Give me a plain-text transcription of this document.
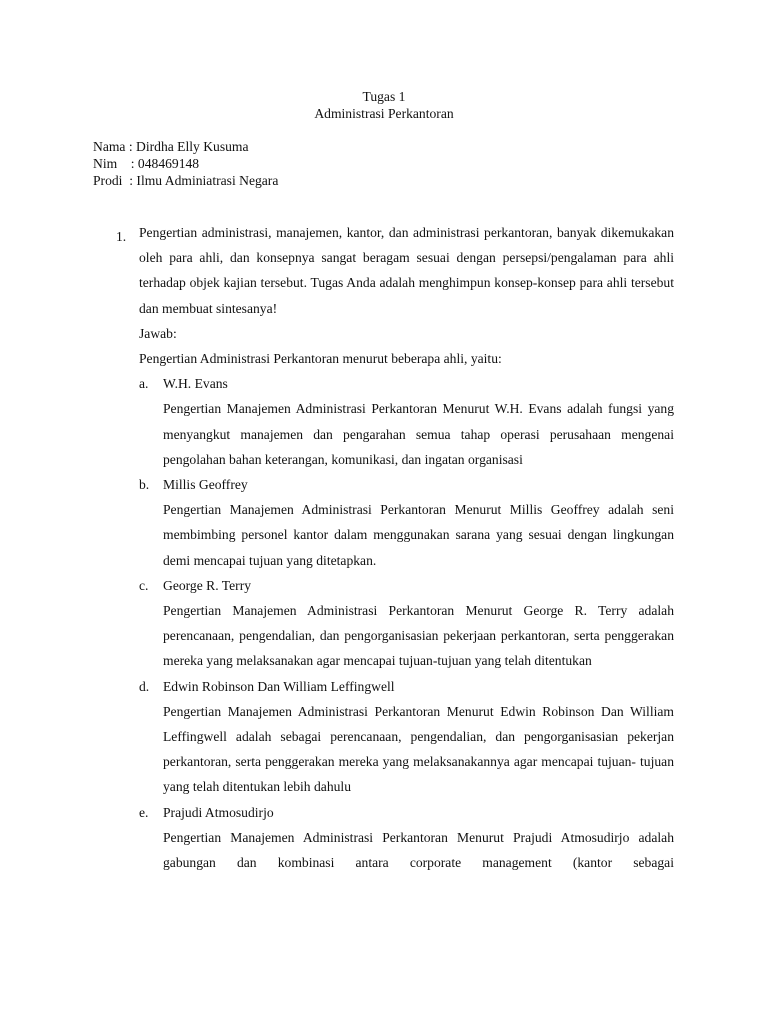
Tugas 1
Administrasi Perkantoran
Nama : Dirdha Elly Kusuma
Nim    : 048469148
Prodi  : Ilmu Adminiatrasi Negara
1. Pengertian administrasi, manajemen, kantor, dan administrasi perkantoran, banyak dikemukakan oleh para ahli, dan konsepnya sangat beragam sesuai dengan persepsi/pengalaman para ahli terhadap objek kajian tersebut. Tugas Anda adalah menghimpun konsep-konsep para ahli tersebut dan membuat sintesanya!

Jawab:

Pengertian Administrasi Perkantoran menurut beberapa ahli, yaitu:

a.	W.H. Evans
Pengertian Manajemen Administrasi Perkantoran Menurut W.H. Evans adalah fungsi yang menyangkut manajemen dan pengarahan semua tahap operasi perusahaan mengenai pengolahan bahan keterangan, komunikasi, dan ingatan organisasi
b.	Millis Geoffrey
Pengertian Manajemen Administrasi Perkantoran Menurut Millis Geoffrey adalah seni membimbing personel kantor dalam menggunakan sarana yang sesuai dengan lingkungan demi mencapai tujuan yang ditetapkan.
c.	George R. Terry
Pengertian Manajemen Administrasi Perkantoran Menurut George R. Terry adalah perencanaan, pengendalian, dan pengorganisasian pekerjaan perkantoran, serta penggerakan mereka yang melaksanakan agar mencapai tujuan-tujuan yang telah ditentukan
d.	Edwin Robinson Dan William Leffingwell
Pengertian Manajemen Administrasi Perkantoran Menurut Edwin Robinson Dan William Leffingwell adalah sebagai perencanaan, pengendalian, dan pengorganisasian pekerjan perkantoran, serta penggerakan mereka yang melaksanakannya agar mencapai tujuan- tujuan yang telah ditentukan lebih dahulu
e.	Prajudi Atmosudirjo
Pengertian Manajemen Administrasi Perkantoran Menurut Prajudi Atmosudirjo adalah gabungan dan kombinasi antara corporate management (kantor sebagai
